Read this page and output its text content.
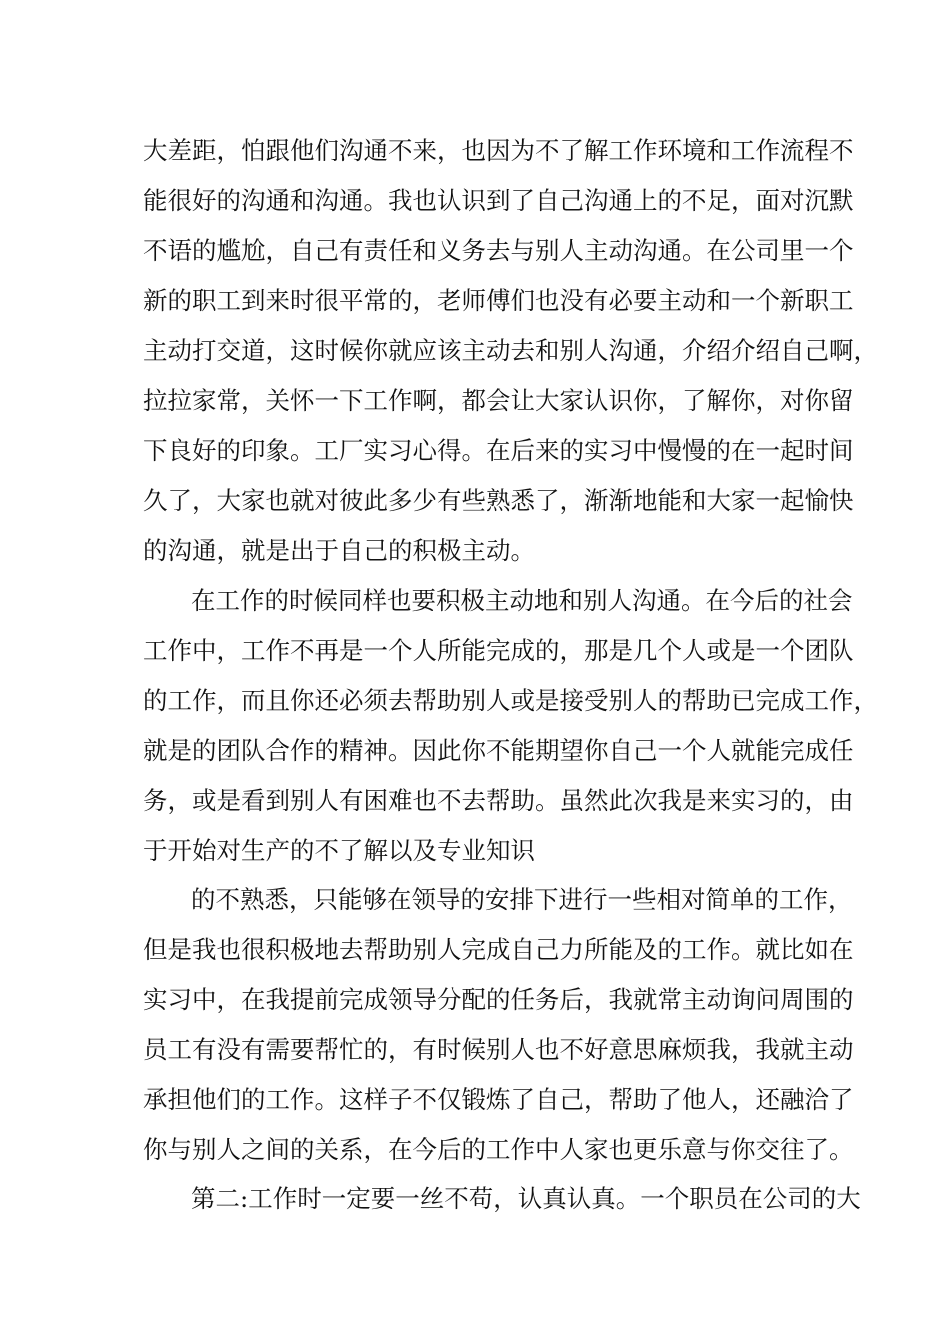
大差距，怕跟他们沟通不来，也因为不了解工作环境和工作流程不
能很好的沟通和沟通。我也认识到了自己沟通上的不足，面对沉默
不语的尴尬，自己有责任和义务去与别人主动沟通。在公司里一个
新的职工到来时很平常的，老师傅们也没有必要主动和一个新职工
主动打交道，这时候你就应该主动去和别人沟通，介绍介绍自己啊，
拉拉家常，关怀一下工作啊，都会让大家认识你，了解你，对你留
下良好的印象。工厂实习心得。在后来的实习中慢慢的在一起时间
久了，大家也就对彼此多少有些熟悉了，渐渐地能和大家一起愉快
的沟通，就是出于自己的积极主动。
在工作的时候同样也要积极主动地和别人沟通。在今后的社会
工作中，工作不再是一个人所能完成的，那是几个人或是一个团队
的工作，而且你还必须去帮助别人或是接受别人的帮助已完成工作，
就是的团队合作的精神。因此你不能期望你自己一个人就能完成任
务，或是看到别人有困难也不去帮助。虽然此次我是来实习的，由
于开始对生产的不了解以及专业知识
的不熟悉，只能够在领导的安排下进行一些相对简单的工作，
但是我也很积极地去帮助别人完成自己力所能及的工作。就比如在
实习中，在我提前完成领导分配的任务后，我就常主动询问周围的
员工有没有需要帮忙的，有时候别人也不好意思麻烦我，我就主动
承担他们的工作。这样子不仅锻炼了自己，帮助了他人，还融洽了
你与别人之间的关系，在今后的工作中人家也更乐意与你交往了。
第二:工作时一定要一丝不苟，认真认真。一个职员在公司的大
